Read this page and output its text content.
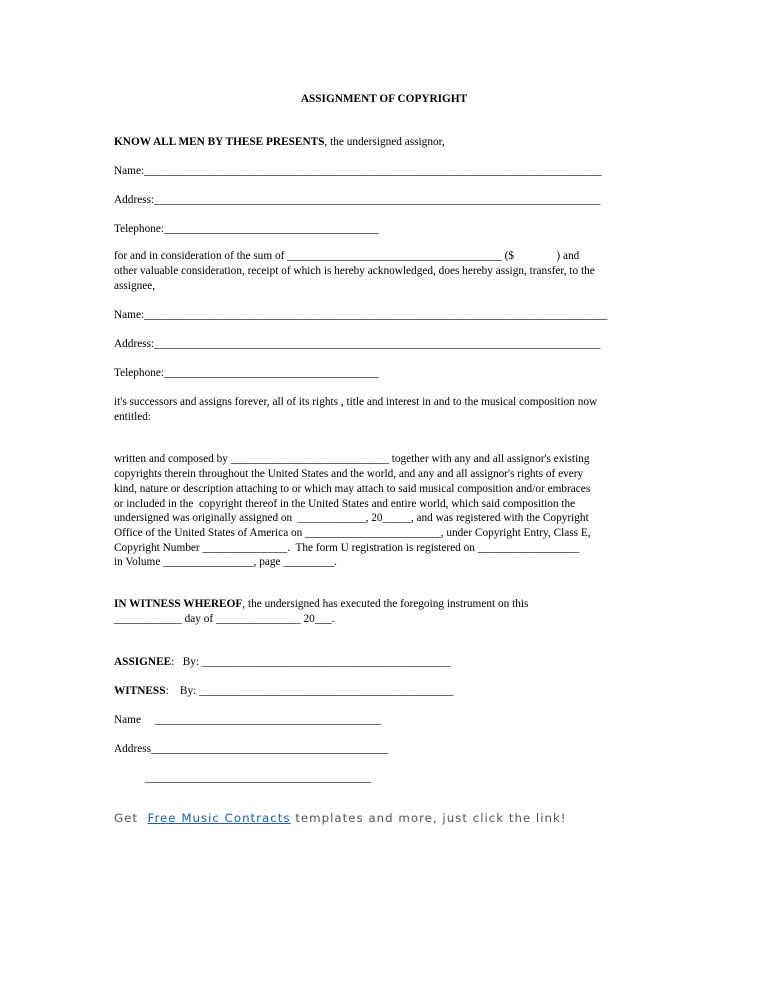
ASSIGNMENT OF COPYRIGHT
KNOW ALL MEN BY THESE PRESENTS, the undersigned assignor,
Name:_________________________________________________________________________________
Address:_______________________________________________________________________________
Telephone:______________________________________
for and in consideration of the sum of ______________________________________ ($               ) and
other valuable consideration, receipt of which is hereby acknowledged, does hereby assign, transfer, to the
assignee,
Name:__________________________________________________________________________________
Address:_______________________________________________________________________________
Telephone:______________________________________
it's successors and assigns forever, all of its rights , title and interest in and to the musical composition now
entitled:
written and composed by ____________________________ together with any and all assignor's existing
copyrights therein throughout the United States and the world, and any and all assignor's rights of every
kind, nature or description attaching to or which may attach to said musical composition and/or embraces
or included in the  copyright thereof in the United States and entire world, which said composition the
undersigned was originally assigned on  ____________, 20_____, and was registered with the Copyright
Office of the United States of America on ________________________, under Copyright Entry, Class E,
Copyright Number _______________.  The form U registration is registered on __________________
in Volume ________________, page _________.
IN WITNESS WHEREOF, the undersigned has executed the foregoing instrument on this
____________ day of _______________ 20___.
ASSIGNEE:   By: ____________________________________________
WITNESS:    By: _____________________________________________
Name     ________________________________________
Address__________________________________________
________________________________________
Get  Free Music Contracts templates and more, just click the link!
